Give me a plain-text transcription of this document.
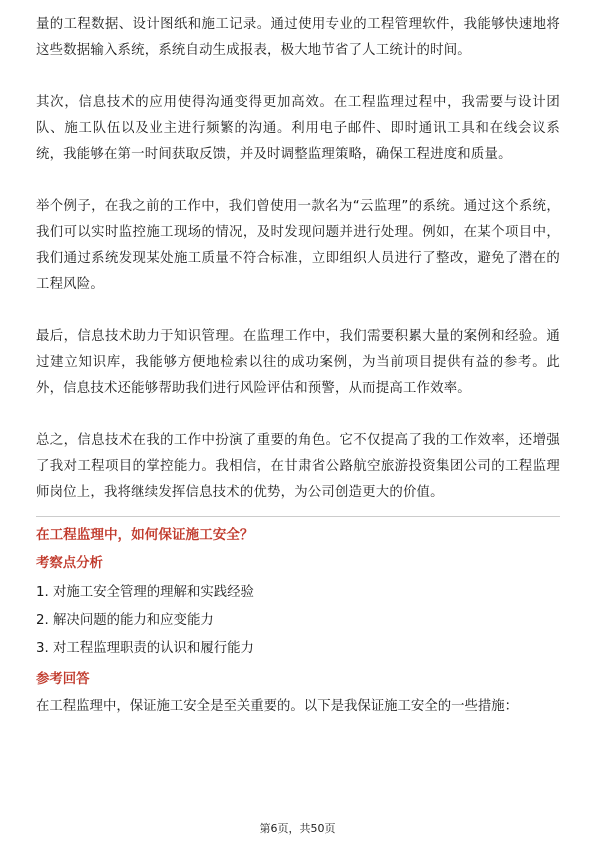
量的工程数据、设计图纸和施工记录。通过使用专业的工程管理软件，我能够快速地将这些数据输入系统，系统自动生成报表，极大地节省了人工统计的时间。

其次，信息技术的应用使得沟通变得更加高效。在工程监理过程中，我需要与设计团队、施工队伍以及业主进行频繁的沟通。利用电子邮件、即时通讯工具和在线会议系统，我能够在第一时间获取反馈，并及时调整监理策略，确保工程进度和质量。

举个例子，在我之前的工作中，我们曾使用一款名为“云监理”的系统。通过这个系统，我们可以实时监控施工现场的情况，及时发现问题并进行处理。例如，在某个项目中，我们通过系统发现某处施工质量不符合标准，立即组织人员进行了整改，避免了潜在的工程风险。

最后，信息技术助力于知识管理。在监理工作中，我们需要积累大量的案例和经验。通过建立知识库，我能够方便地检索以往的成功案例，为当前项目提供有益的参考。此外，信息技术还能够帮助我们进行风险评估和预警，从而提高工作效率。

总之，信息技术在我的工作中扮演了重要的角色。它不仅提高了我的工作效率，还增强了我对工程项目的掌控能力。我相信，在甘肃省公路航空旅游投资集团公司的工程监理师岗位上，我将继续发挥信息技术的优势，为公司创造更大的价值。

在工程监理中，如何保证施工安全？
考察点分析

1. 对施工安全管理的理解和实践经验

2. 解决问题的能力和应变能力

3. 对工程监理职责的认识和履行能力

参考回答

在工程监理中，保证施工安全是至关重要的。以下是我保证施工安全的一些措施：

第6页，共50页
